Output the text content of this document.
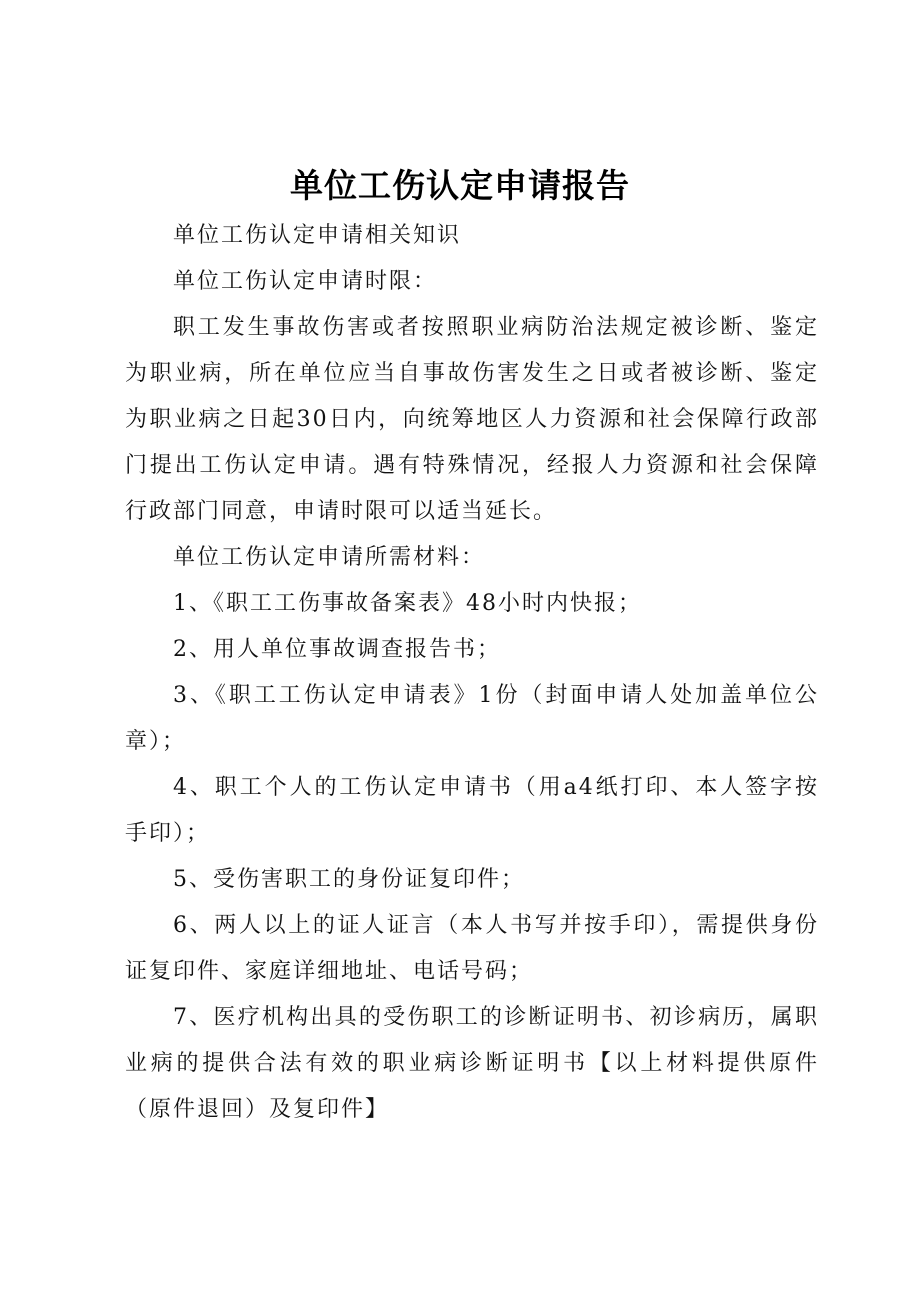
单位工伤认定申请报告

单位工伤认定申请相关知识

单位工伤认定申请时限：

职工发生事故伤害或者按照职业病防治法规定被诊断、鉴定为职业病，所在单位应当自事故伤害发生之日或者被诊断、鉴定为职业病之日起30日内，向统筹地区人力资源和社会保障行政部门提出工伤认定申请。遇有特殊情况，经报人力资源和社会保障行政部门同意，申请时限可以适当延长。

单位工伤认定申请所需材料：

1、《职工工伤事故备案表》48小时内快报；

2、用人单位事故调查报告书；

3、《职工工伤认定申请表》1份（封面申请人处加盖单位公章）；

4、职工个人的工伤认定申请书（用a4纸打印、本人签字按手印）；

5、受伤害职工的身份证复印件；

6、两人以上的证人证言（本人书写并按手印），需提供身份证复印件、家庭详细地址、电话号码；

7、医疗机构出具的受伤职工的诊断证明书、初诊病历，属职业病的提供合法有效的职业病诊断证明书【以上材料提供原件（原件退回）及复印件】
